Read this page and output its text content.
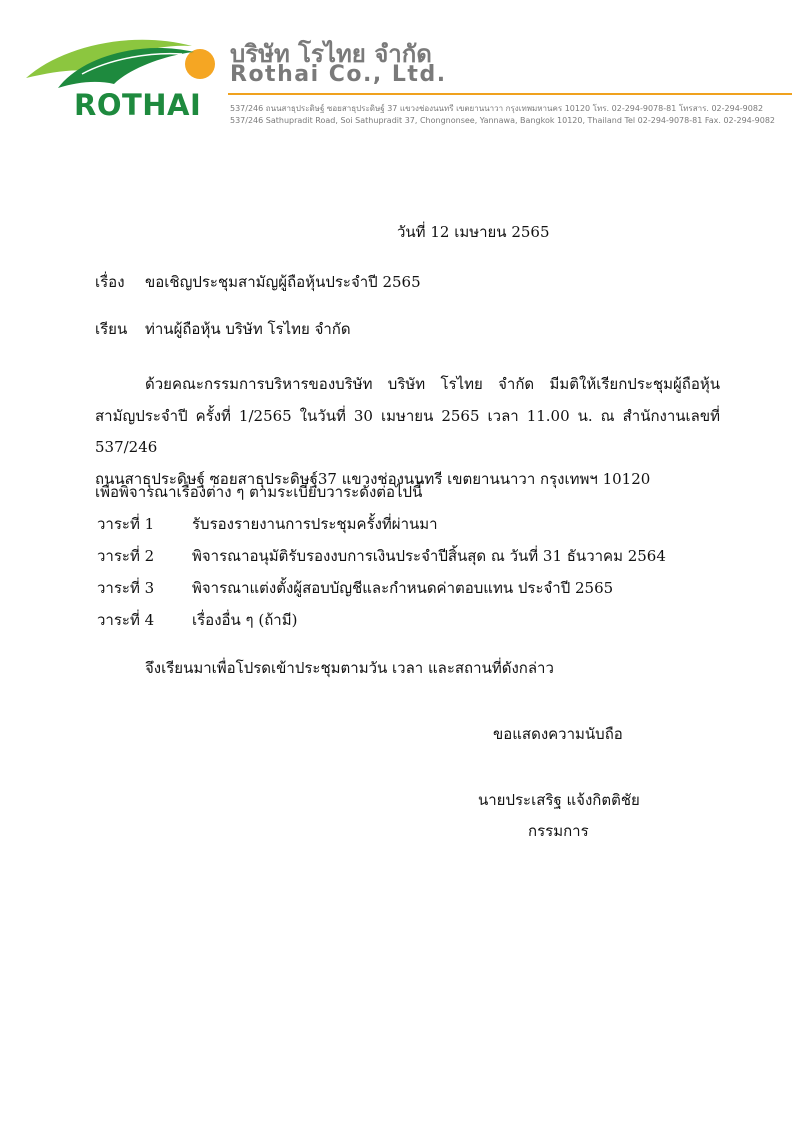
ROTHAI
บริษัท โรไทย จำกัด
Rothai Co., Ltd.
537/246 ถนนสาธุประดิษฐ์ ซอยสาธุประดิษฐ์ 37 แขวงช่องนนทรี เขตยานนาวา กรุงเทพมหานคร 10120 โทร. 02-294-9078-81 โทรสาร. 02-294-9082
537/246 Sathupradit Road, Soi Sathupradit 37, Chongnonsee, Yannawa, Bangkok 10120, Thailand Tel 02-294-9078-81 Fax. 02-294-9082
วันที่ 12 เมษายน 2565
เรื่อง ขอเชิญประชุมสามัญผู้ถือหุ้นประจำปี 2565
เรียน ท่านผู้ถือหุ้น บริษัท โรไทย จำกัด
ด้วยคณะกรรมการบริหารของบริษัท บริษัท โรไทย จำกัด มีมติให้เรียกประชุมผู้ถือหุ้น
สามัญประจำปี ครั้งที่ 1/2565 ในวันที่ 30 เมษายน 2565 เวลา 11.00 น. ณ สำนักงานเลขที่ 537/246
ถนนสาธุประดิษฐ์ ซอยสาธุประดิษฐ์37 แขวงช่องนนทรี เขตยานนาวา กรุงเทพฯ 10120
เพื่อพิจารณาเรื่องต่าง ๆ ตามระเบียบวาระดังต่อไปนี้
วาระที่ 1	รับรองรายงานการประชุมครั้งที่ผ่านมา
วาระที่ 2	พิจารณาอนุมัติรับรองงบการเงินประจำปีสิ้นสุด ณ วันที่ 31 ธันวาคม 2564
วาระที่ 3	พิจารณาแต่งตั้งผู้สอบบัญชีและกำหนดค่าตอบแทน ประจำปี 2565
วาระที่ 4	เรื่องอื่น ๆ (ถ้ามี)
จึงเรียนมาเพื่อโปรดเข้าประชุมตามวัน เวลา และสถานที่ดังกล่าว
ขอแสดงความนับถือ
นายประเสริฐ แจ้งกิตติชัย
กรรมการ
